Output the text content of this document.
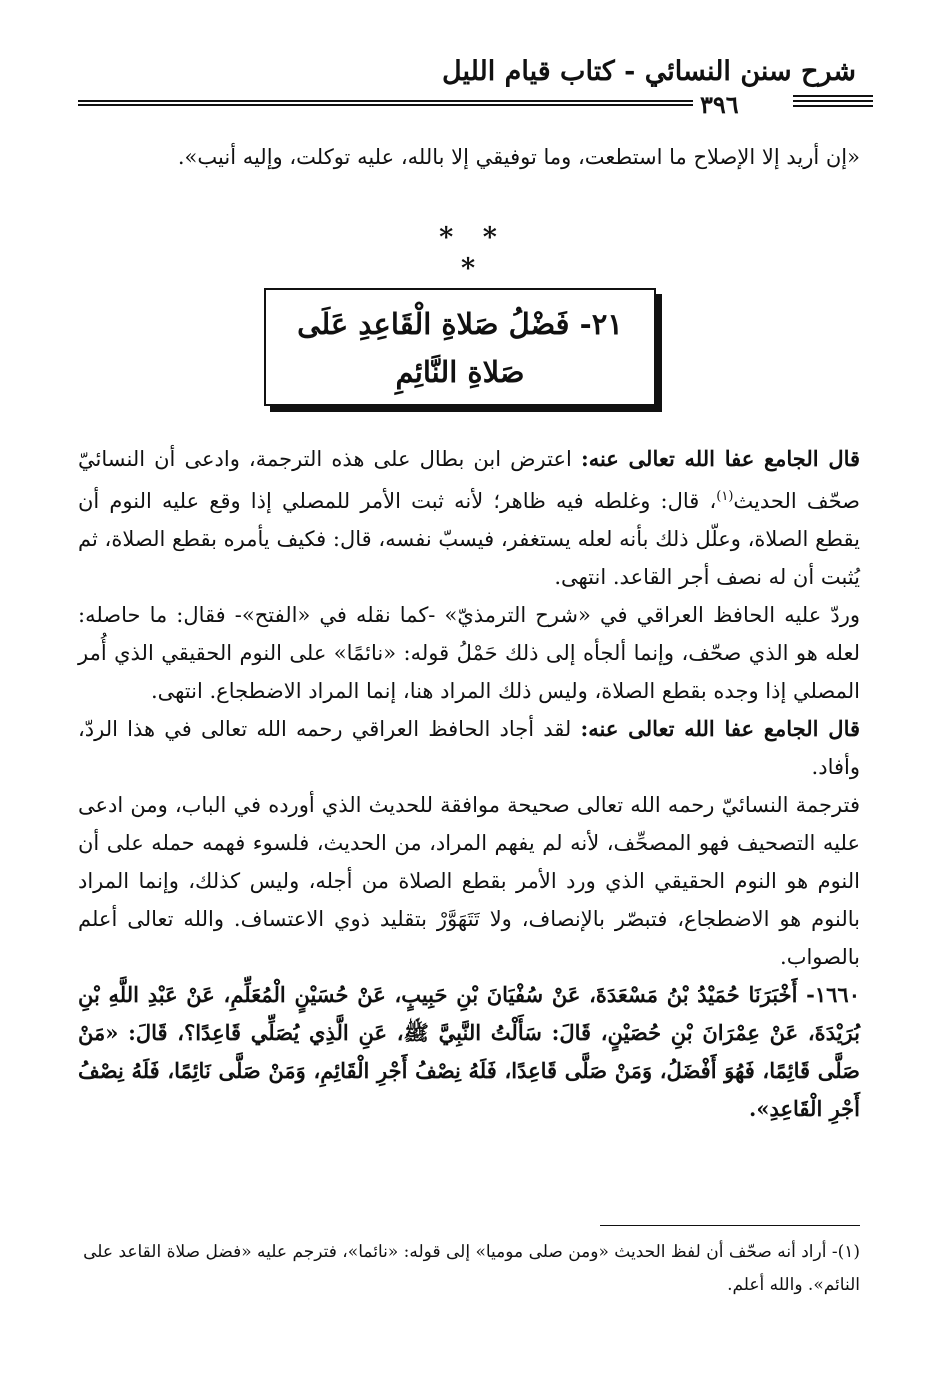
شرح سنن النسائي - كتاب قيام الليل
٣٩٦
«إن أريد إلا الإصلاح ما استطعت، وما توفيقي إلا بالله، عليه توكلت، وإليه أنيب».
* * *
٢١- فَضْلُ صَلاةِ الْقَاعِدِ عَلَى صَلاةِ النَّائِمِ

قال الجامع عفا الله تعالى عنه: اعترض ابن بطال على هذه الترجمة، وادعى أن النسائيّ صحّف الحديث$^{(١)}$، قال: وغلطه فيه ظاهر؛ لأنه ثبت الأمر للمصلي إذا وقع عليه النوم أن يقطع الصلاة، وعلّل ذلك بأنه لعله يستغفر، فيسبّ نفسه، قال: فكيف يأمره بقطع الصلاة، ثم يُثبت أن له نصف أجر القاعد. انتهى.

وردّ عليه الحافظ العراقي في «شرح الترمذيّ» -كما نقله في «الفتح»- فقال: ما حاصله: لعله هو الذي صحّف، وإنما ألجأه إلى ذلك حَمْلُ قوله: «نائمًا» على النوم الحقيقي الذي أُمر المصلي إذا وجده بقطع الصلاة، وليس ذلك المراد هنا، إنما المراد الاضطجاع. انتهى.

قال الجامع عفا الله تعالى عنه: لقد أجاد الحافظ العراقي رحمه الله تعالى في هذا الردّ، وأفاد.

فترجمة النسائيّ رحمه الله تعالى صحيحة موافقة للحديث الذي أورده في الباب، ومن ادعى عليه التصحيف فهو المصحِّف، لأنه لم يفهم المراد، من الحديث، فلسوء فهمه حمله على أن النوم هو النوم الحقيقي الذي ورد الأمر بقطع الصلاة من أجله، وليس كذلك، وإنما المراد بالنوم هو الاضطجاع، فتبصّر بالإنصاف، ولا تَتَهَوَّرْ بتقليد ذوي الاعتساف. والله تعالى أعلم بالصواب.

١٦٦٠- أَخْبَرَنَا حُمَيْدُ بْنُ مَسْعَدَةَ، عَنْ سُفْيَانَ بْنِ حَبِيبٍ، عَنْ حُسَيْنٍ الْمُعَلِّمِ، عَنْ عَبْدِ اللَّهِ بْنِ بُرَيْدَةَ، عَنْ عِمْرَانَ بْنِ حُصَيْنٍ، قَالَ: سَأَلْتُ النَّبِيَّ ﷺ، عَنِ الَّذِي يُصَلِّي قَاعِدًا؟، قَالَ: «مَنْ صَلَّى قَائِمًا، فَهُوَ أَفْضَلُ، وَمَنْ صَلَّى قَاعِدًا، فَلَهُ نِصْفُ أَجْرِ الْقَائِمِ، وَمَنْ صَلَّى نَائِمًا، فَلَهُ نِصْفُ أَجْرِ الْقَاعِدِ».

(١)- أراد أنه صحّف أن لفظ الحديث «ومن صلى موميا» إلى قوله: «نائما»، فترجم عليه «فضل صلاة القاعد على النائم». والله أعلم.
